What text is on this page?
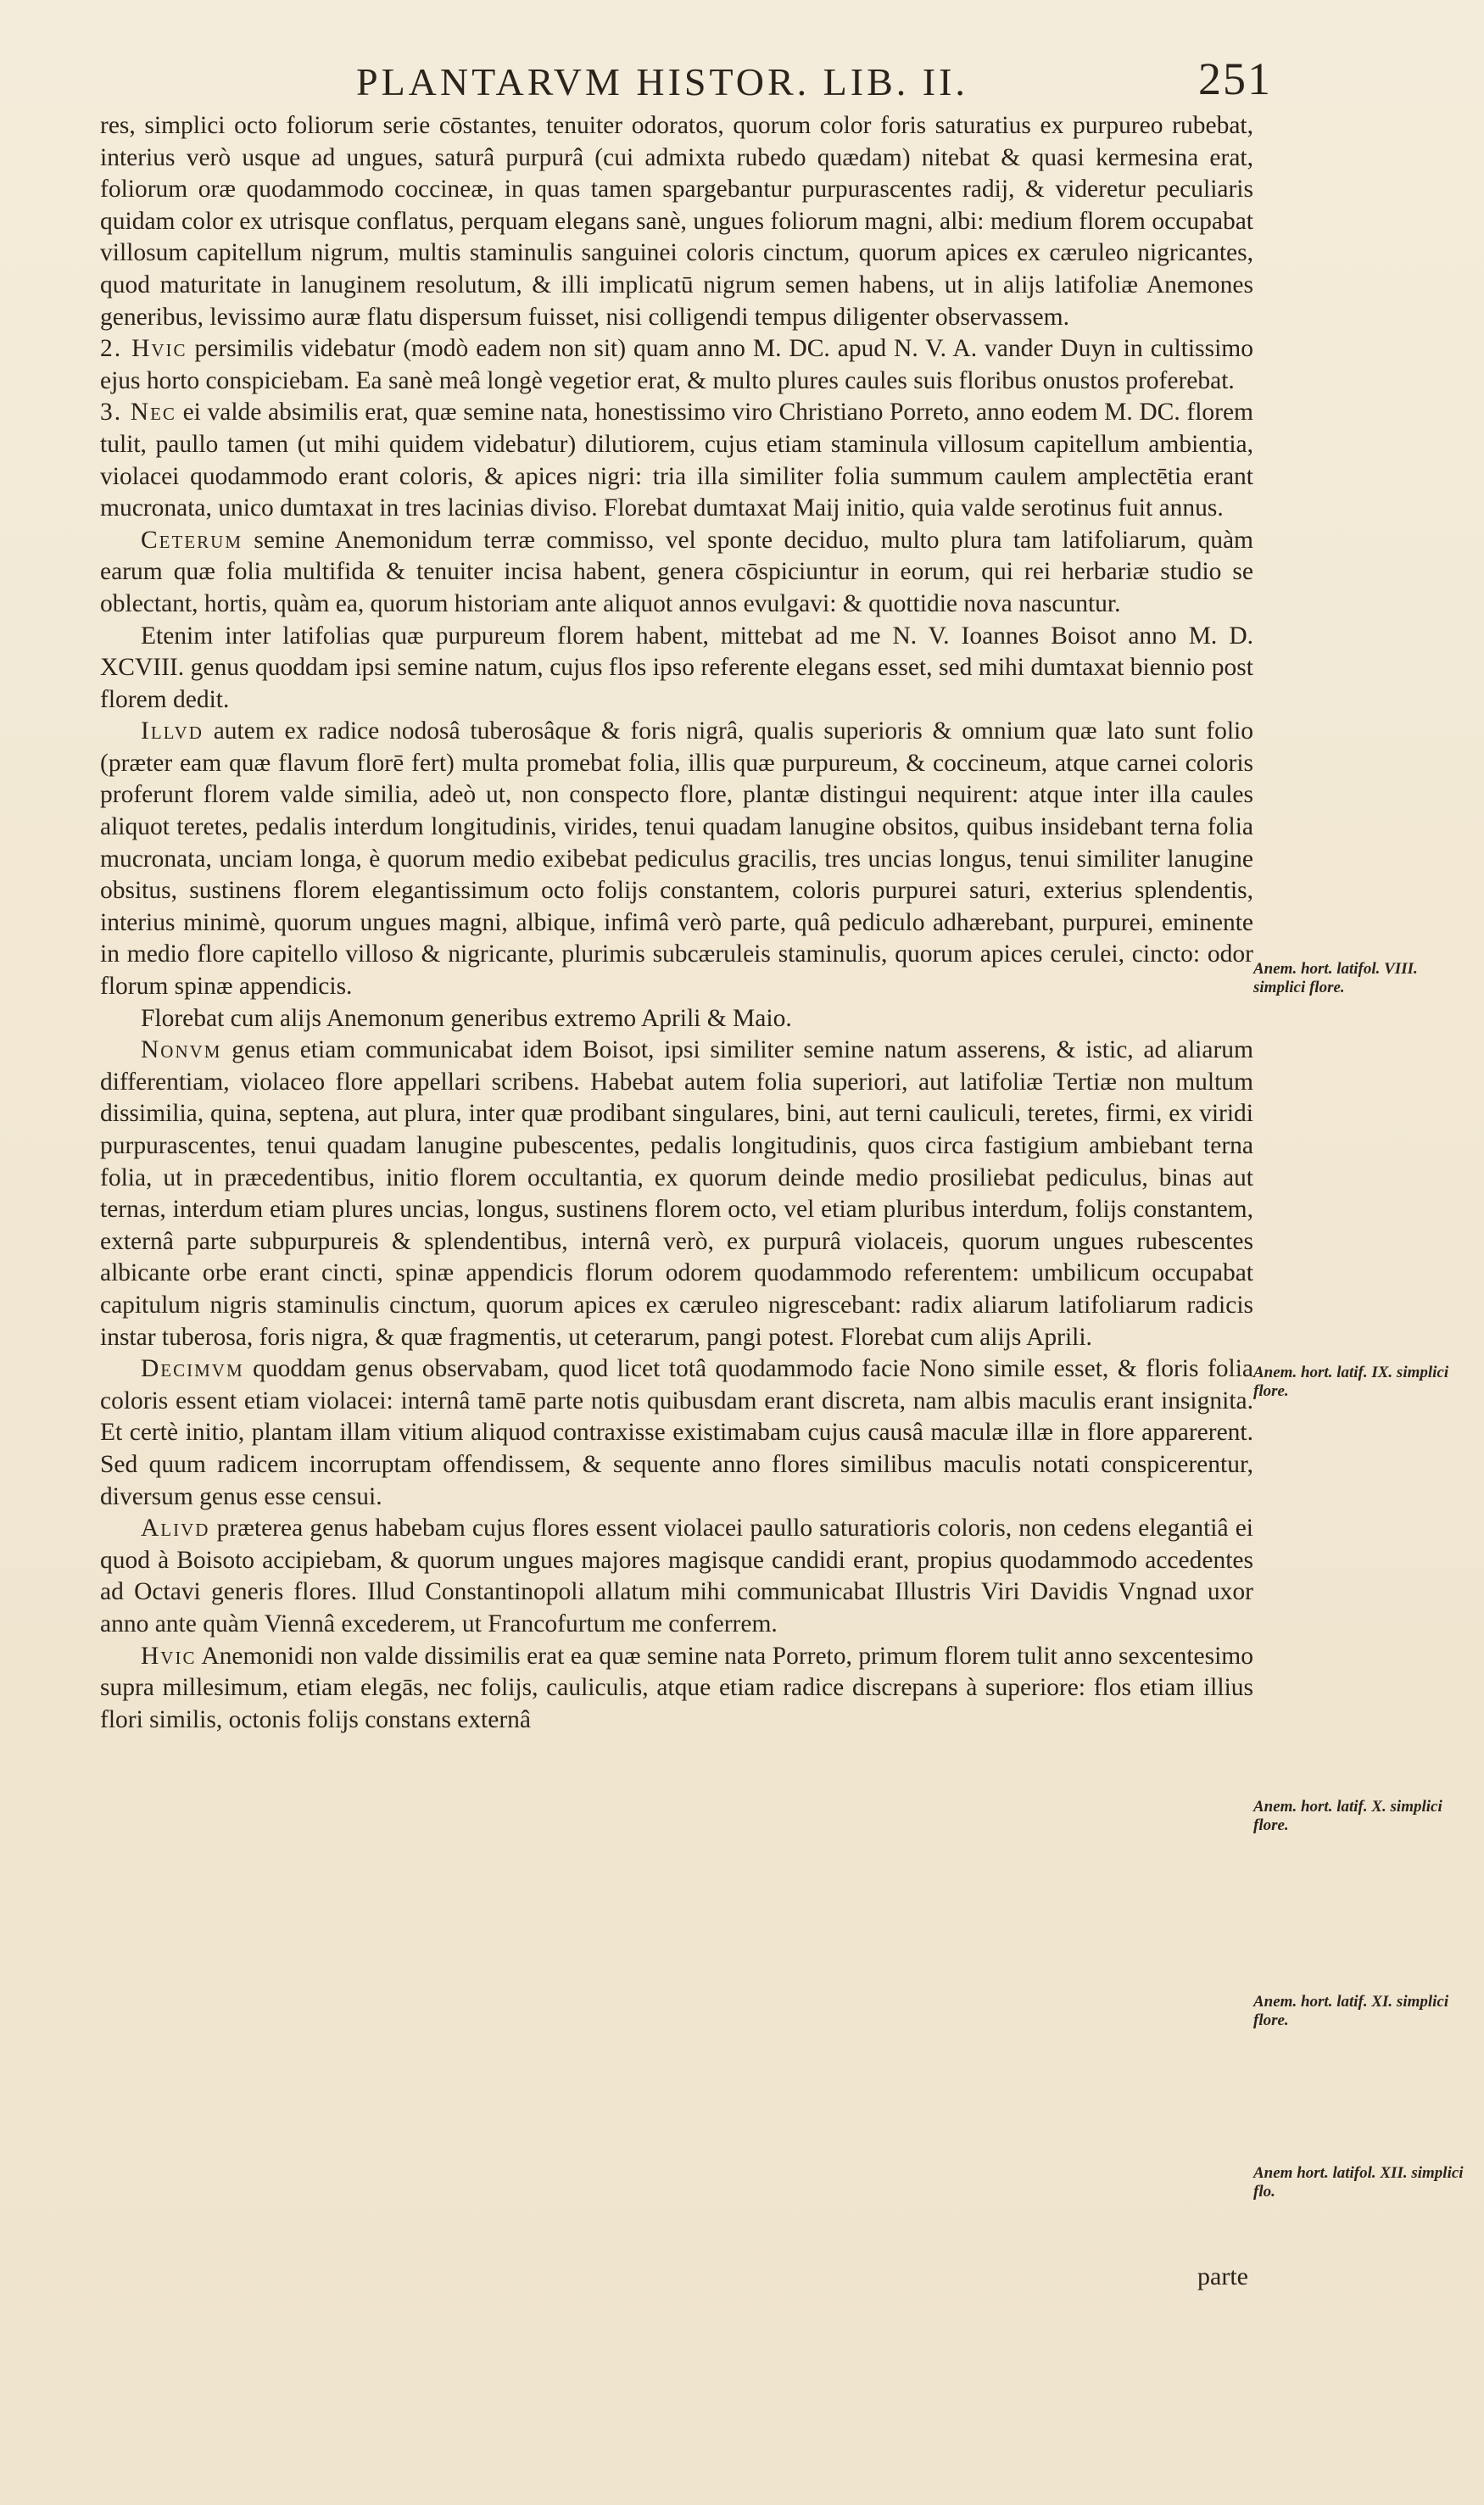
PLANTARVM HISTOR. LIB. II.	251

res, simplici octo foliorum serie cōstantes, tenuiter odoratos, quorum color foris saturatius ex purpureo rubebat, interius verò usque ad ungues, saturâ purpurâ (cui admixta rubedo quædam) nitebat & quasi kermesina erat, foliorum oræ quodammodo coccineæ, in quas tamen spargebantur purpurascentes radij, & videretur peculiaris quidam color ex utrisque conflatus, perquam elegans sanè, ungues foliorum magni, albi: medium florem occupabat villosum capitellum nigrum, multis staminulis sanguinei coloris cinctum, quorum apices ex cæruleo nigricantes, quod maturitate in lanuginem resolutum, & illi implicatū nigrum semen habens, ut in alijs latifoliæ Anemones generibus, levissimo auræ flatu dispersum fuisset, nisi colligendi tempus diligenter observassem.

2. Hvic persimilis videbatur (modò eadem non sit) quam anno M. DC. apud N. V. A. vander Duyn in cultissimo ejus horto conspiciebam. Ea sanè meâ longè vegetior erat, & multo plures caules suis floribus onustos proferebat.

3. Nec ei valde absimilis erat, quæ semine nata, honestissimo viro Christiano Porreto, anno eodem M. DC. florem tulit, paullo tamen (ut mihi quidem videbatur) dilutiorem, cujus etiam staminula villosum capitellum ambientia, violacei quodammodo erant coloris, & apices nigri: tria illa similiter folia summum caulem amplectētia erant mucronata, unico dumtaxat in tres lacinias diviso. Florebat dumtaxat Maij initio, quia valde serotinus fuit annus.

Ceterum semine Anemonidum terræ commisso, vel sponte deciduo, multo plura tam latifoliarum, quàm earum quæ folia multifida & tenuiter incisa habent, genera cōspiciuntur in eorum, qui rei herbariæ studio se oblectant, hortis, quàm ea, quorum historiam ante aliquot annos evulgavi: & quottidie nova nascuntur.

Etenim inter latifolias quæ purpureum florem habent, mittebat ad me N. V. Ioannes Boisot anno M. D. XCVIII. genus quoddam ipsi semine natum, cujus flos ipso referente elegans esset, sed mihi dumtaxat biennio post florem dedit.

Illvd autem ex radice nodosâ tuberosâque & foris nigrâ, qualis superioris & omnium quæ lato sunt folio (præter eam quæ flavum florē fert) multa promebat folia, illis quæ purpureum, & coccineum, atque carnei coloris proferunt florem valde similia, adeò ut, non conspecto flore, plantæ distingui nequirent: atque inter illa caules aliquot teretes, pedalis interdum longitudinis, virides, tenui quadam lanugine obsitos, quibus insidebant terna folia mucronata, unciam longa, è quorum medio exibebat pediculus gracilis, tres uncias longus, tenui similiter lanugine obsitus, sustinens florem elegantissimum octo folijs constantem, coloris purpurei saturi, exterius splendentis, interius minimè, quorum ungues magni, albique, infimâ verò parte, quâ pediculo adhærebant, purpurei, eminente in medio flore capitello villoso & nigricante, plurimis subcæruleis staminulis, quorum apices cerulei, cincto: odor florum spinæ appendicis.

Florebat cum alijs Anemonum generibus extremo Aprili & Maio.

Nonvm genus etiam communicabat idem Boisot, ipsi similiter semine natum asserens, & istic, ad aliarum differentiam, violaceo flore appellari scribens. Habebat autem folia superiori, aut latifoliæ Tertiæ non multum dissimilia, quina, septena, aut plura, inter quæ prodibant singulares, bini, aut terni cauliculi, teretes, firmi, ex viridi purpurascentes, tenui quadam lanugine pubescentes, pedalis longitudinis, quos circa fastigium ambiebant terna folia, ut in præcedentibus, initio florem occultantia, ex quorum deinde medio prosiliebat pediculus, binas aut ternas, interdum etiam plures uncias, longus, sustinens florem octo, vel etiam pluribus interdum, folijs constantem, externâ parte subpurpureis & splendentibus, internâ verò, ex purpurâ violaceis, quorum ungues rubescentes albicante orbe erant cincti, spinæ appendicis florum odorem quodammodo referentem: umbilicum occupabat capitulum nigris staminulis cinctum, quorum apices ex cæruleo nigrescebant: radix aliarum latifoliarum radicis instar tuberosa, foris nigra, & quæ fragmentis, ut ceterarum, pangi potest. Florebat cum alijs Aprili.

Decimvm quoddam genus observabam, quod licet totâ quodammodo facie Nono simile esset, & floris folia coloris essent etiam violacei: internâ tamē parte notis quibusdam erant discreta, nam albis maculis erant insignita. Et certè initio, plantam illam vitium aliquod contraxisse existimabam cujus causâ maculæ illæ in flore apparerent. Sed quum radicem incorruptam offendissem, & sequente anno flores similibus maculis notati conspicerentur, diversum genus esse censui.

Alivd præterea genus habebam cujus flores essent violacei paullo saturatioris coloris, non cedens elegantiâ ei quod à Boisoto accipiebam, & quorum ungues majores magisque candidi erant, propius quodammodo accedentes ad Octavi generis flores. Illud Constantinopoli allatum mihi communicabat Illustris Viri Davidis Vngnad uxor anno ante quàm Viennâ excederem, ut Francofurtum me conferrem.

Hvic Anemonidi non valde dissimilis erat ea quæ semine nata Porreto, primum florem tulit anno sexcentesimo supra millesimum, etiam elegās, nec folijs, cauliculis, atque etiam radice discrepans à superiore: flos etiam illius flori similis, octonis folijs constans externâ

Anem. hort. latifol. VIII. simplici flore.
Anem. hort. latif. IX. simplici flore.
Anem. hort. latif. X. simplici flore.
Anem. hort. latif. XI. simplici flore.
Anem hort. latifol. XII. simplici flo.
parte
